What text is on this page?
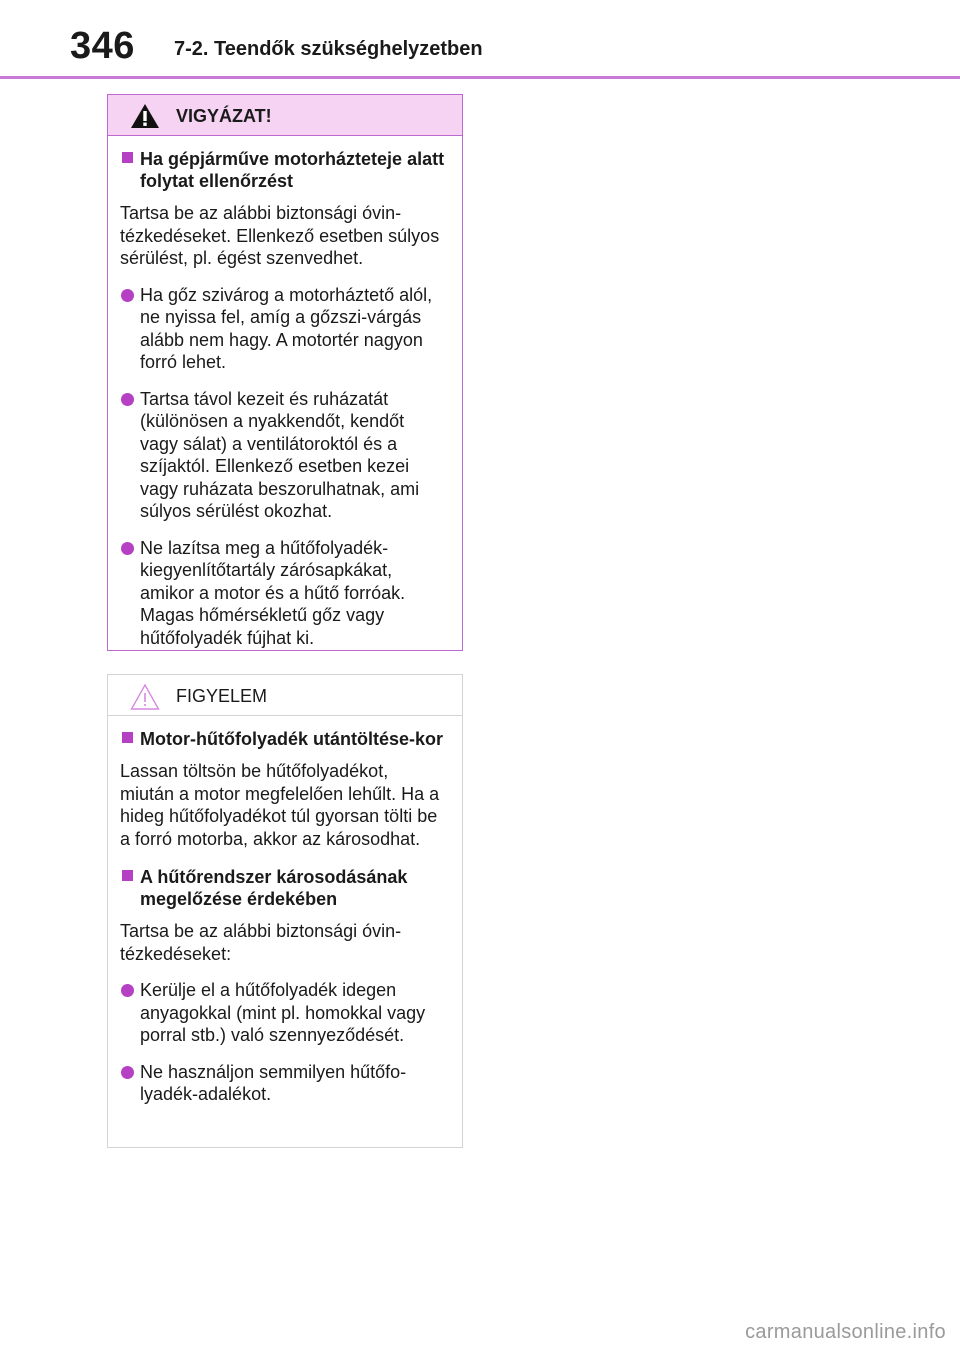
346 7-2. Teendők szükséghelyzetben
VIGYÁZAT!
Ha gépjárműve motorházteteje alatt folytat ellenőrzést
Tartsa be az alábbi biztonsági óvin-tézkedéseket. Ellenkező esetben súlyos sérülést, pl. égést szenvedhet.
Ha gőz szivárog a motorháztető alól, ne nyissa fel, amíg a gőzszi-várgás alább nem hagy. A motortér nagyon forró lehet.
Tartsa távol kezeit és ruházatát (különösen a nyakkendőt, kendőt vagy sálat) a ventilátoroktól és a szíjaktól. Ellenkező esetben kezei vagy ruházata beszorulhatnak, ami súlyos sérülést okozhat.
Ne lazítsa meg a hűtőfolyadék-kiegyenlítőtartály zárósapkákat, amikor a motor és a hűtő forróak. Magas hőmérsékletű gőz vagy hűtőfolyadék fújhat ki.
FIGYELEM
Motor-hűtőfolyadék utántöltése-kor
Lassan töltsön be hűtőfolyadékot, miután a motor megfelelően lehűlt. Ha a hideg hűtőfolyadékot túl gyorsan tölti be a forró motorba, akkor az károsodhat.
A hűtőrendszer károsodásának megelőzése érdekében
Tartsa be az alábbi biztonsági óvin-tézkedéseket:
Kerülje el a hűtőfolyadék idegen anyagokkal (mint pl. homokkal vagy porral stb.) való szennyeződését.
Ne használjon semmilyen hűtőfo-lyadék-adalékot.
carmanualsonline.info
